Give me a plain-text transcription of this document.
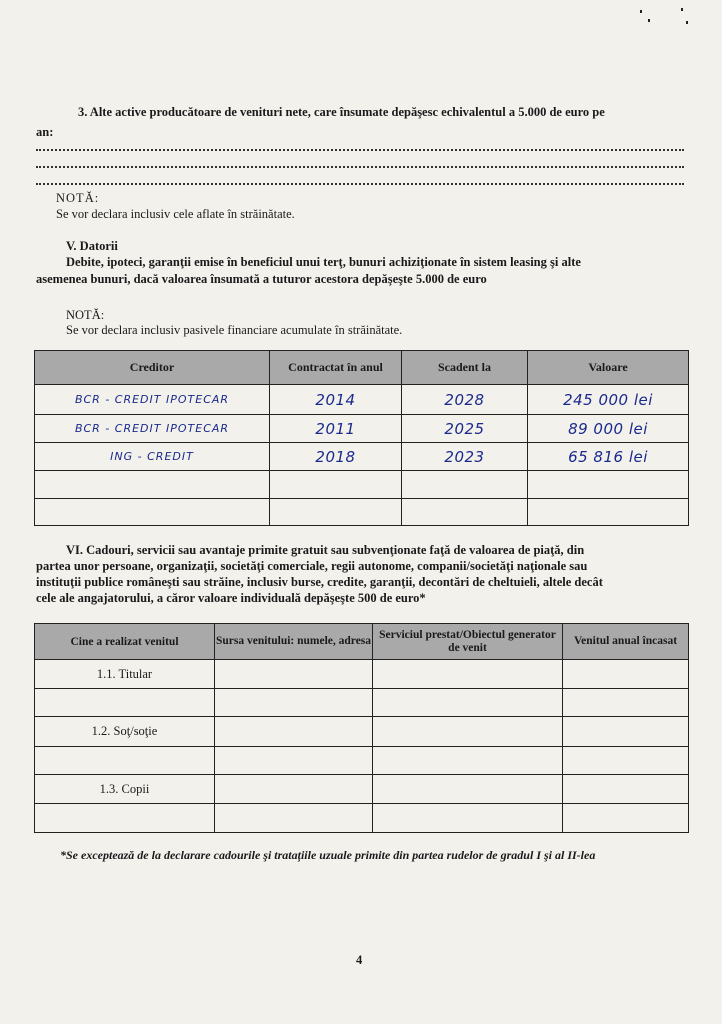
3. Alte active producătoare de venituri nete, care însumate depăşesc echivalentul a 5.000 de euro pe
an:
NOTĂ:
Se vor declara inclusiv cele aflate în străinătate.
V. Datorii
Debite, ipoteci, garanţii emise în beneficiul unui terţ, bunuri achiziţionate în sistem leasing şi alte
asemenea bunuri, dacă valoarea însumată a tuturor acestora depăşeşte 5.000 de euro
NOTĂ:
Se vor declara inclusiv pasivele financiare acumulate în străinătate.
Creditor	Contractat în anul	Scadent la	Valoare
BCR - CREDIT IPOTECAR	2014	2028	245 000 lei
BCR - CREDIT IPOTECAR	2011	2025	89 000 lei
ING - CREDIT	2018	2023	65 816 lei

VI. Cadouri, servicii sau avantaje primite gratuit sau subvenţionate faţă de valoarea de piaţă, din
partea unor persoane, organizaţii, societăţi comerciale, regii autonome, companii/societăţi naţionale sau
instituţii publice româneşti sau străine, inclusiv burse, credite, garanţii, decontări de cheltuieli, altele decât
cele ale angajatorului, a căror valoare individuală depăşeşte 500 de euro*
Cine a realizat venitul	Sursa venitului: numele, adresa	Serviciul prestat/Obiectul generator de venit	Venitul anual încasat
1.1. Titular			

1.2. Soţ/soţie			

1.3. Copii			

*Se exceptează de la declarare cadourile şi tratațiile uzuale primite din partea rudelor de gradul I şi al II-lea
4
